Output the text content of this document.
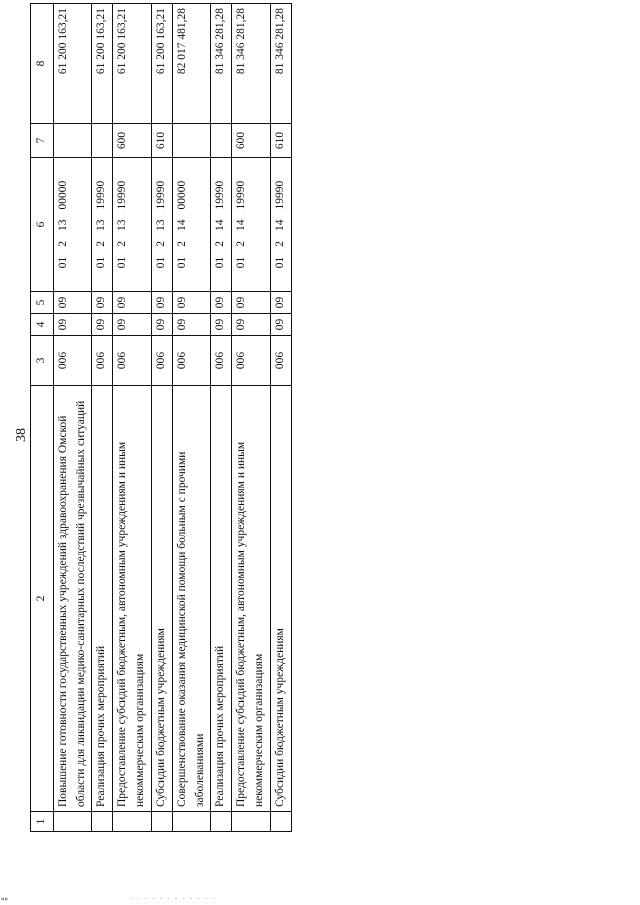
38
1	2	3	4	5	6	7	8
	Повышение готовности государственных учреждений здравоохранения Омской области для ликвидации медико-санитарных последствий чрезвычайных ситуаций	006	09	09	0121300000		61 200 163,21
	Реализация прочих мероприятий	006	09	09	0121319990		61 200 163,21
	Предоставление субсидий бюджетным, автономным учреждениям и иным некоммерческим организациям	006	09	09	0121319990	600	61 200 163,21
	Субсидии бюджетным учреждениям	006	09	09	0121319990	610	61 200 163,21
	Совершенствование оказания медицинской помощи больным с прочими заболеваниями	006	09	09	0121400000		82 017 481,28
	Реализация прочих мероприятий	006	09	09	0121419990		81 346 281,28
	Предоставление субсидий бюджетным, автономным учреждениям и иным некоммерческим организациям	006	09	09	0121419990	600	81 346 281,28
	Субсидии бюджетным учреждениям	006	09	09	0121419990	610	81 346 281,28
«»	- - - - - - - - - - - -
